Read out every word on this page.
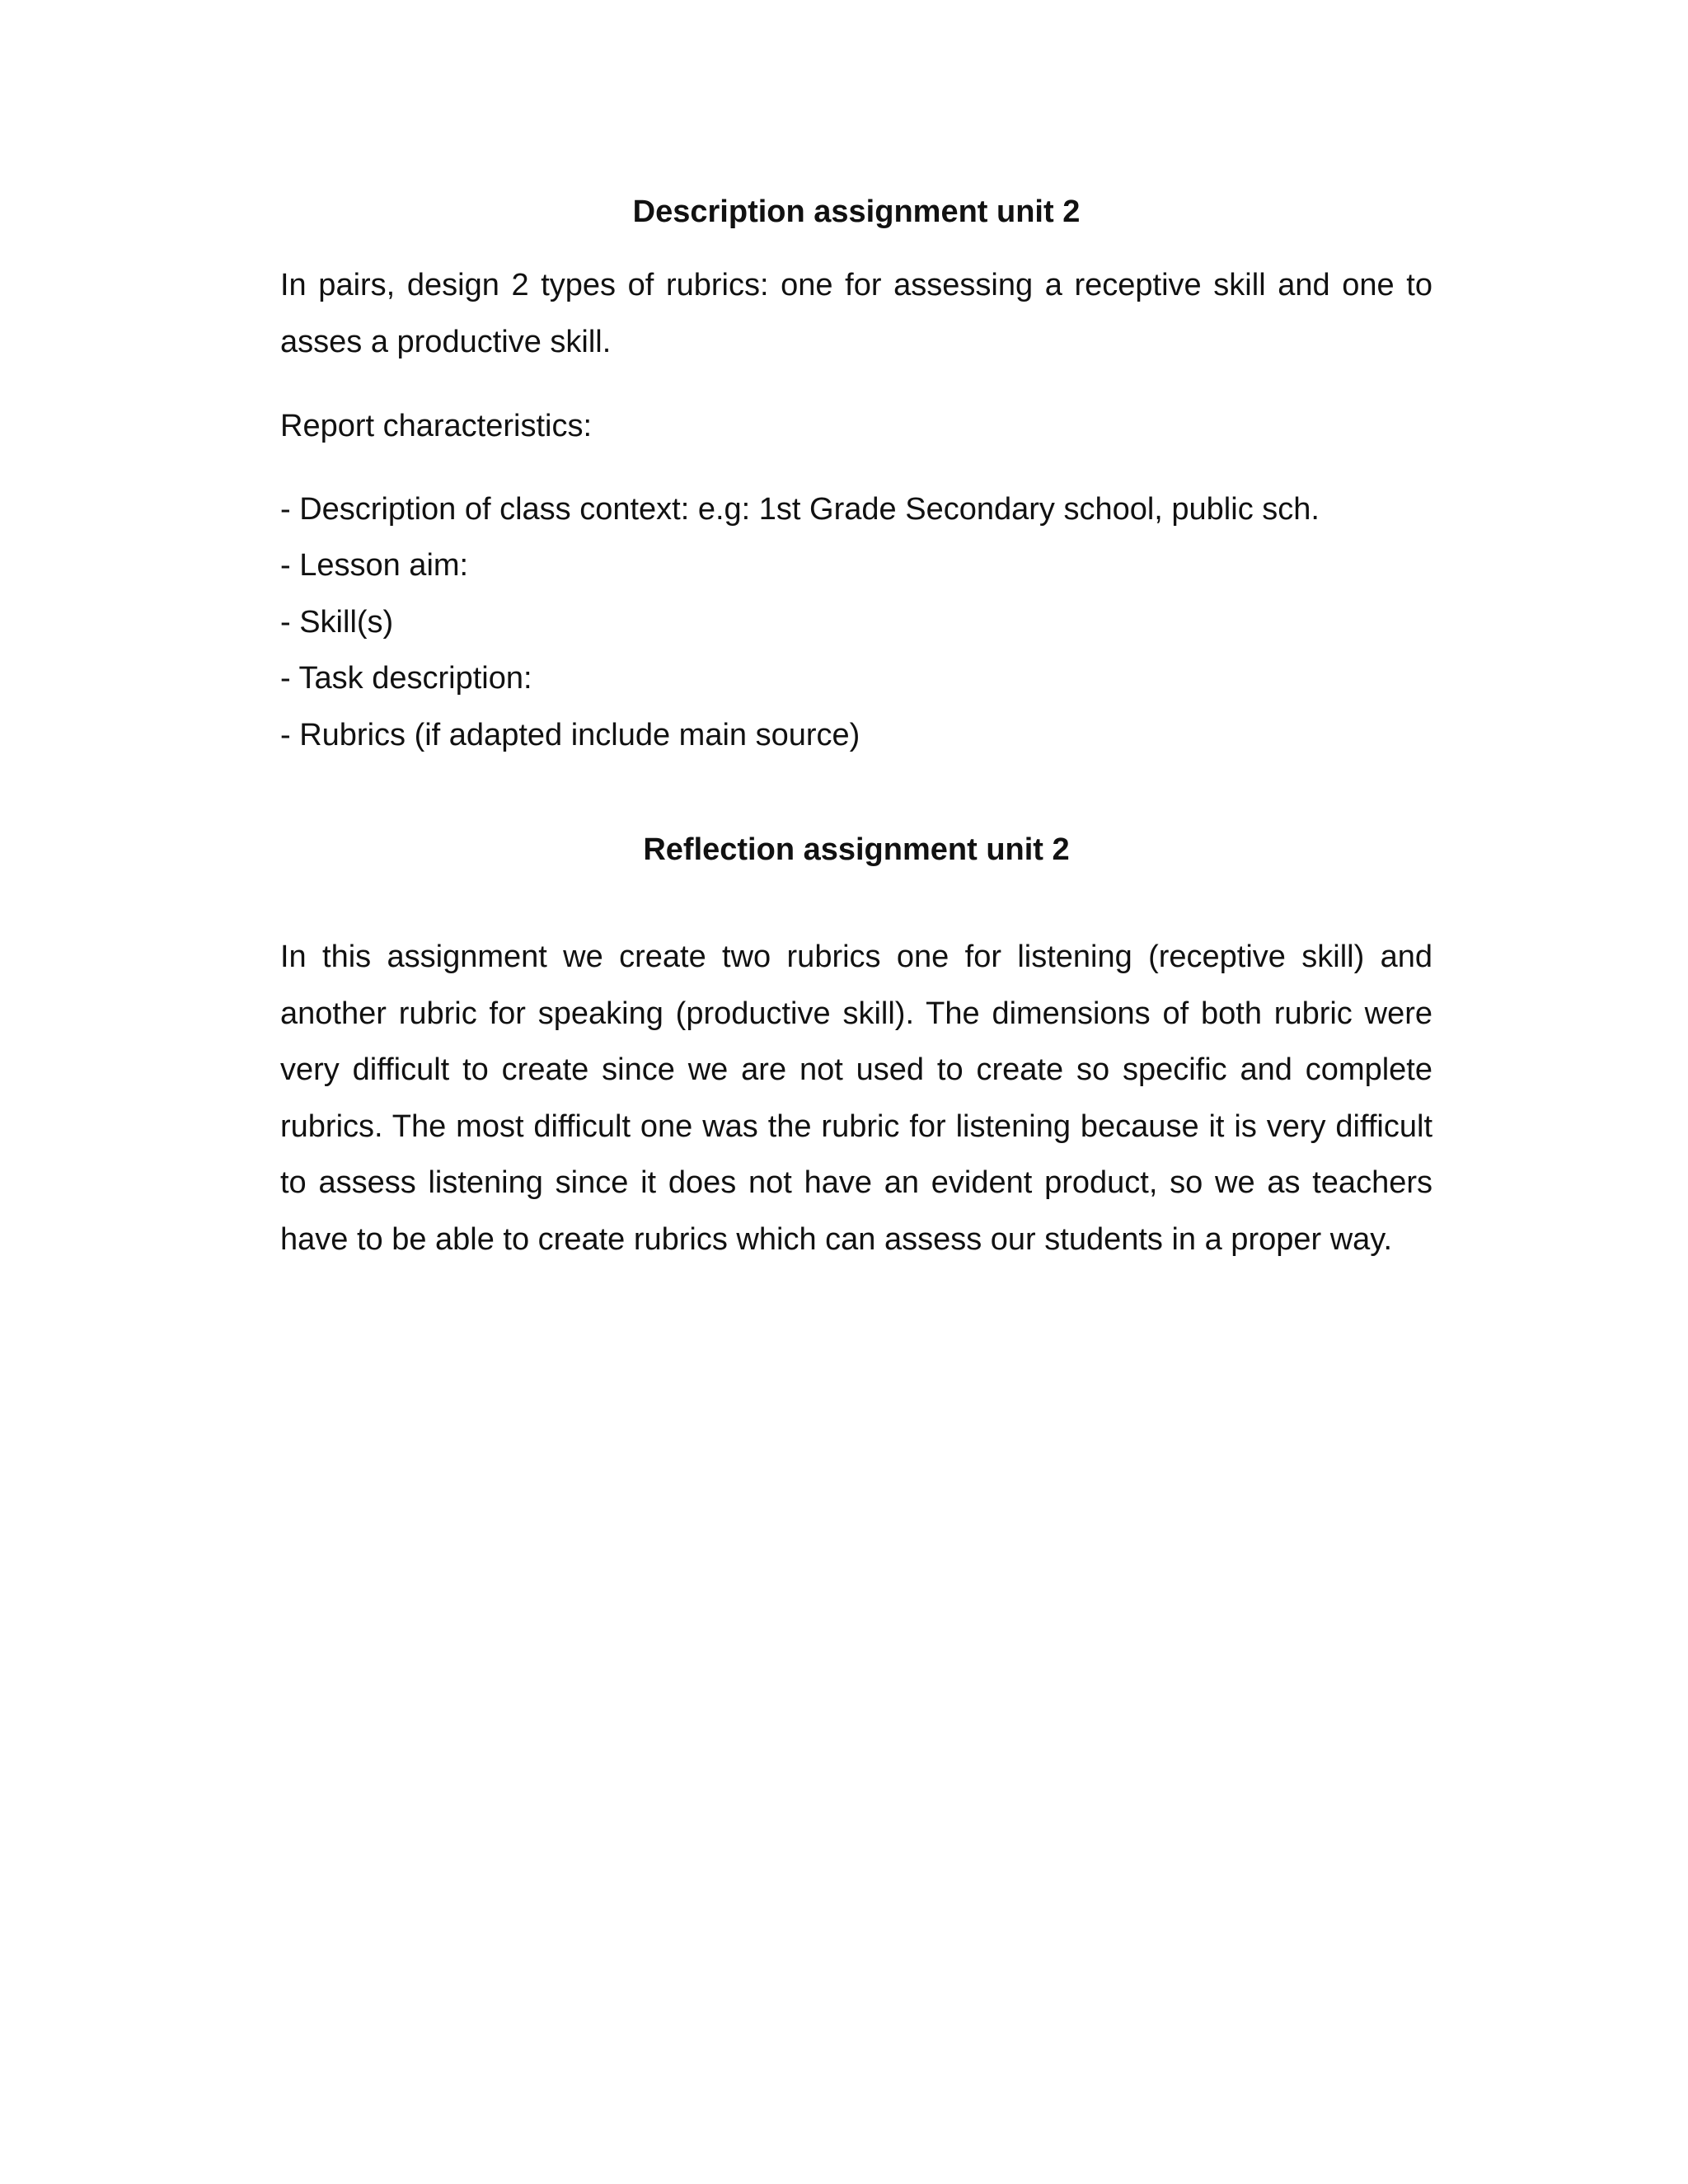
Description assignment unit 2

In pairs, design 2 types of rubrics: one for assessing a receptive skill and one to asses a productive skill.

Report characteristics:

- Description of class context: e.g: 1st Grade Secondary school, public sch.
- Lesson aim:
- Skill(s)
- Task description:
- Rubrics (if adapted include main source)
Reflection assignment unit 2

In this assignment we create two rubrics one for listening (receptive skill) and another rubric for speaking (productive skill). The dimensions of both rubric were very difficult to create since we are not used to create so specific and complete rubrics. The most difficult one was the rubric for listening because it is very difficult to assess listening since it does not have an evident product, so we as teachers have to be able to create rubrics which can assess our students in a proper way.
